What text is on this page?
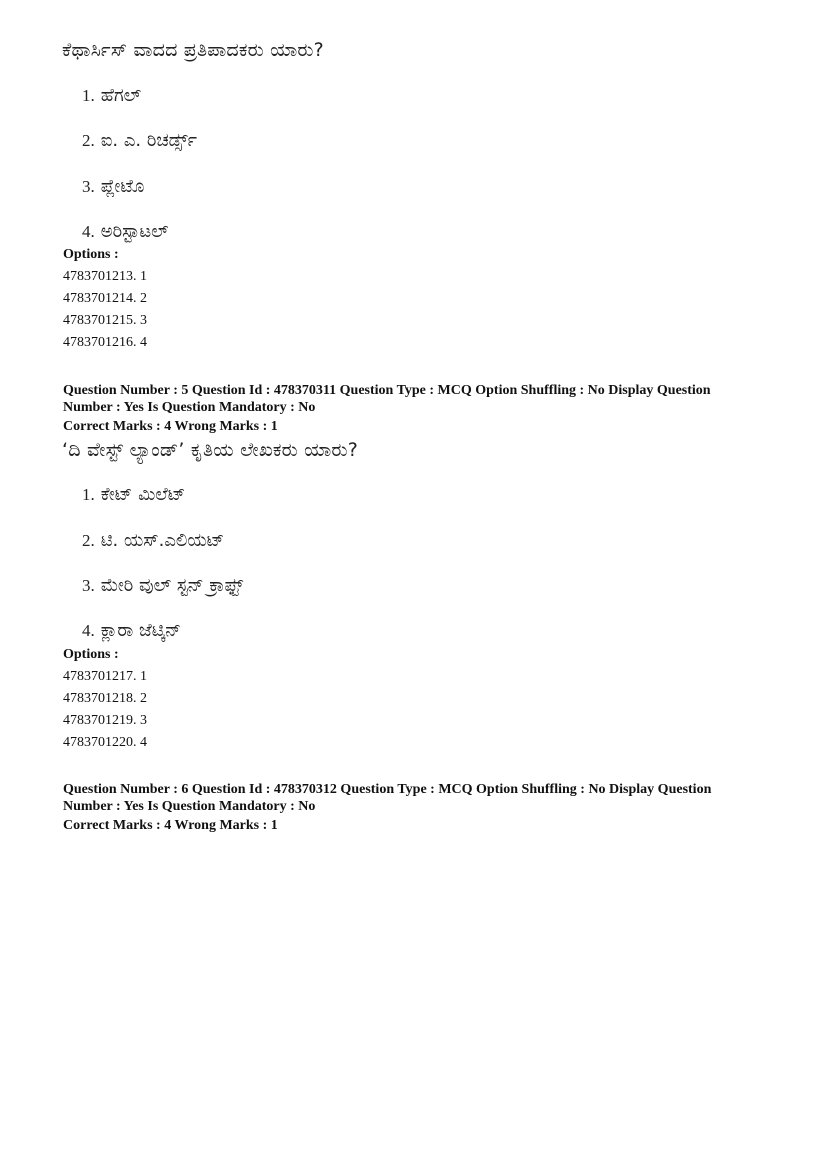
ಕೆಥಾರ್ಸಿಸ್ ವಾದದ ಪ್ರತಿಪಾದಕರು ಯಾರು?
1. ಹೆಗಲ್
2. ಐ. ಎ. ರಿಚರ್ಡ್ಸ್
3. ಪ್ಲೇಟೊ
4. ಅರಿಸ್ಟಾಟಲ್
Options :
4783701213. 1
4783701214. 2
4783701215. 3
4783701216. 4
Question Number : 5 Question Id : 478370311 Question Type : MCQ Option Shuffling : No Display Question Number : Yes Is Question Mandatory : No
Correct Marks : 4 Wrong Marks : 1
‘ದಿ ವೇಸ್ಟ್ ಲ್ಯಾಂಡ್’ ಕೃತಿಯ ಲೇಖಕರು ಯಾರು?
1. ಕೇಟ್ ಮಿಲೆಟ್
2. ಟಿ. ಯಸ್.ಎಲಿಯಟ್
3. ಮೇರಿ ವುಲ್ ಸ್ಟನ್ ಕ್ರಾಫ್ಟ್
4. ಕ್ಲಾರಾ ಜೆಟ್ಕಿನ್
Options :
4783701217. 1
4783701218. 2
4783701219. 3
4783701220. 4
Question Number : 6 Question Id : 478370312 Question Type : MCQ Option Shuffling : No Display Question Number : Yes Is Question Mandatory : No
Correct Marks : 4 Wrong Marks : 1
